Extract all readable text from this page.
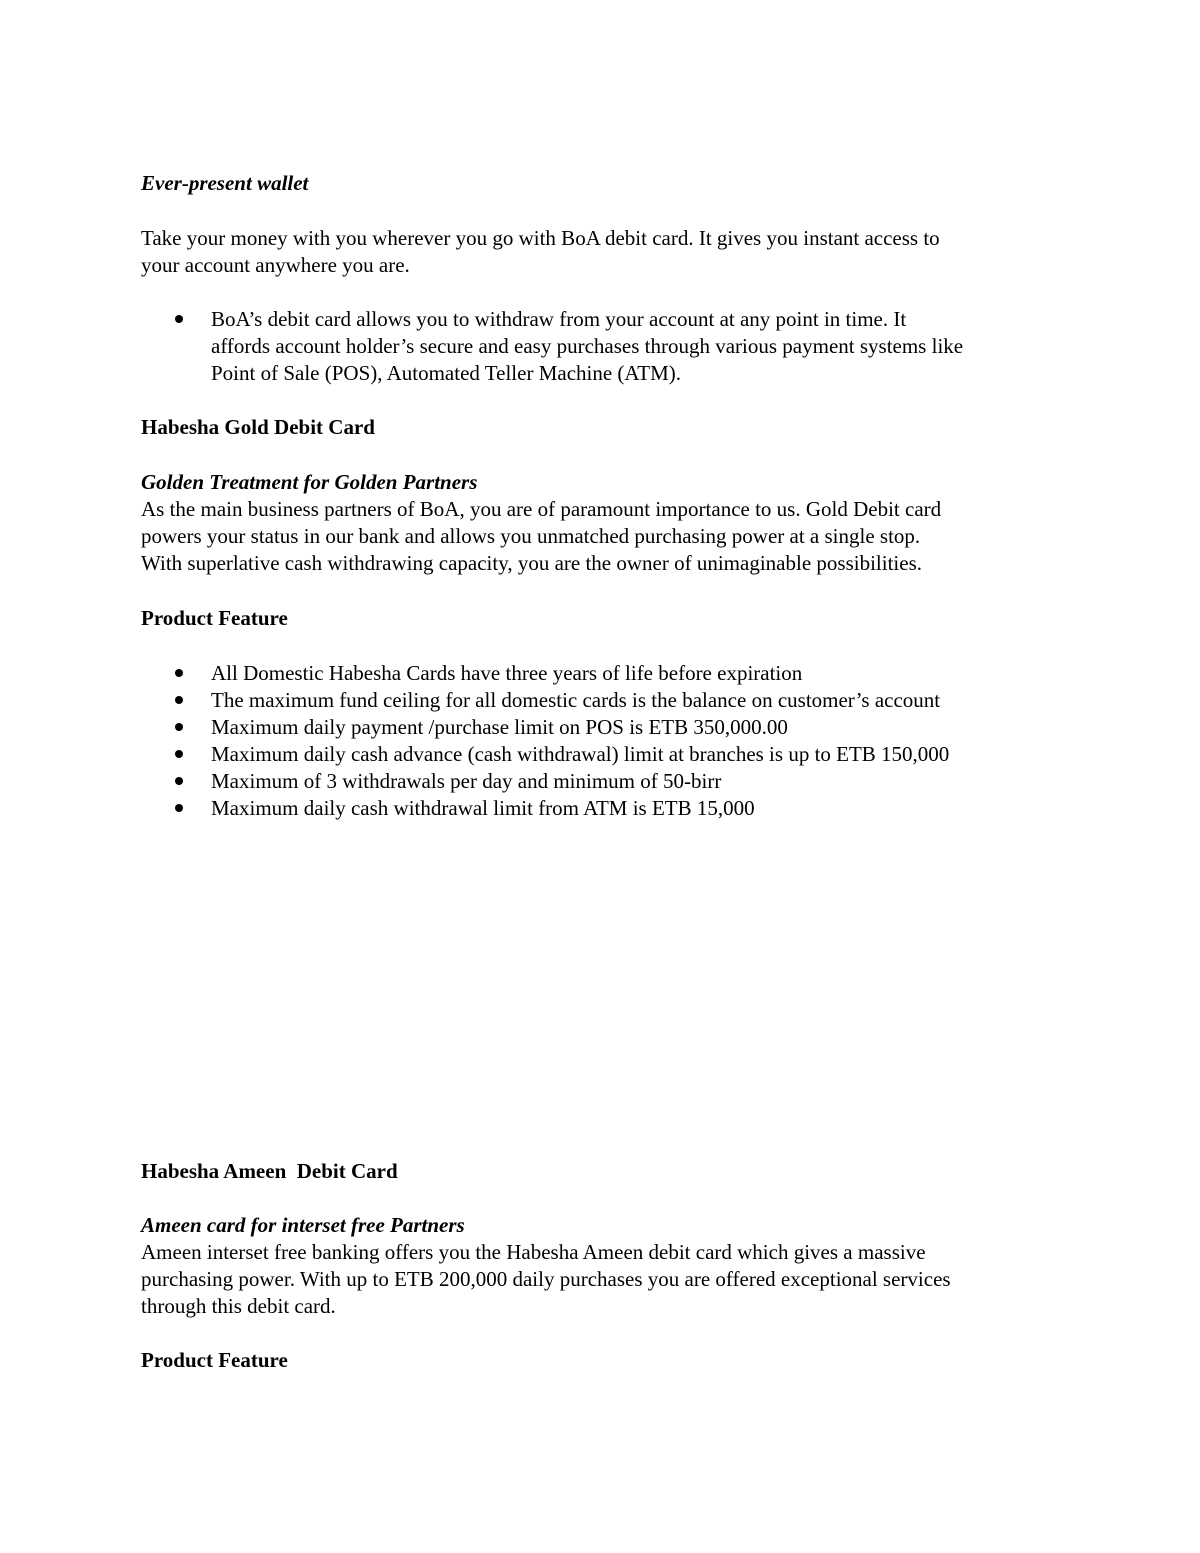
Ever-present wallet
Take your money with you wherever you go with BoA debit card. It gives you instant access to
your account anywhere you are.
BoA’s debit card allows you to withdraw from your account at any point in time. It
affords account holder’s secure and easy purchases through various payment systems like
Point of Sale (POS), Automated Teller Machine (ATM).
Habesha Gold Debit Card
Golden Treatment for Golden Partners
As the main business partners of BoA, you are of paramount importance to us. Gold Debit card
powers your status in our bank and allows you unmatched purchasing power at a single stop.
With superlative cash withdrawing capacity, you are the owner of unimaginable possibilities.
Product Feature
All Domestic Habesha Cards have three years of life before expiration
The maximum fund ceiling for all domestic cards is the balance on customer’s account
Maximum daily payment /purchase limit on POS is ETB 350,000.00
Maximum daily cash advance (cash withdrawal) limit at branches is up to ETB 150,000
Maximum of 3 withdrawals per day and minimum of 50-birr
Maximum daily cash withdrawal limit from ATM is ETB 15,000
Habesha Ameen  Debit Card
Ameen card for interset free Partners
Ameen interset free banking offers you the Habesha Ameen debit card which gives a massive
purchasing power. With up to ETB 200,000 daily purchases you are offered exceptional services
through this debit card.
Product Feature
